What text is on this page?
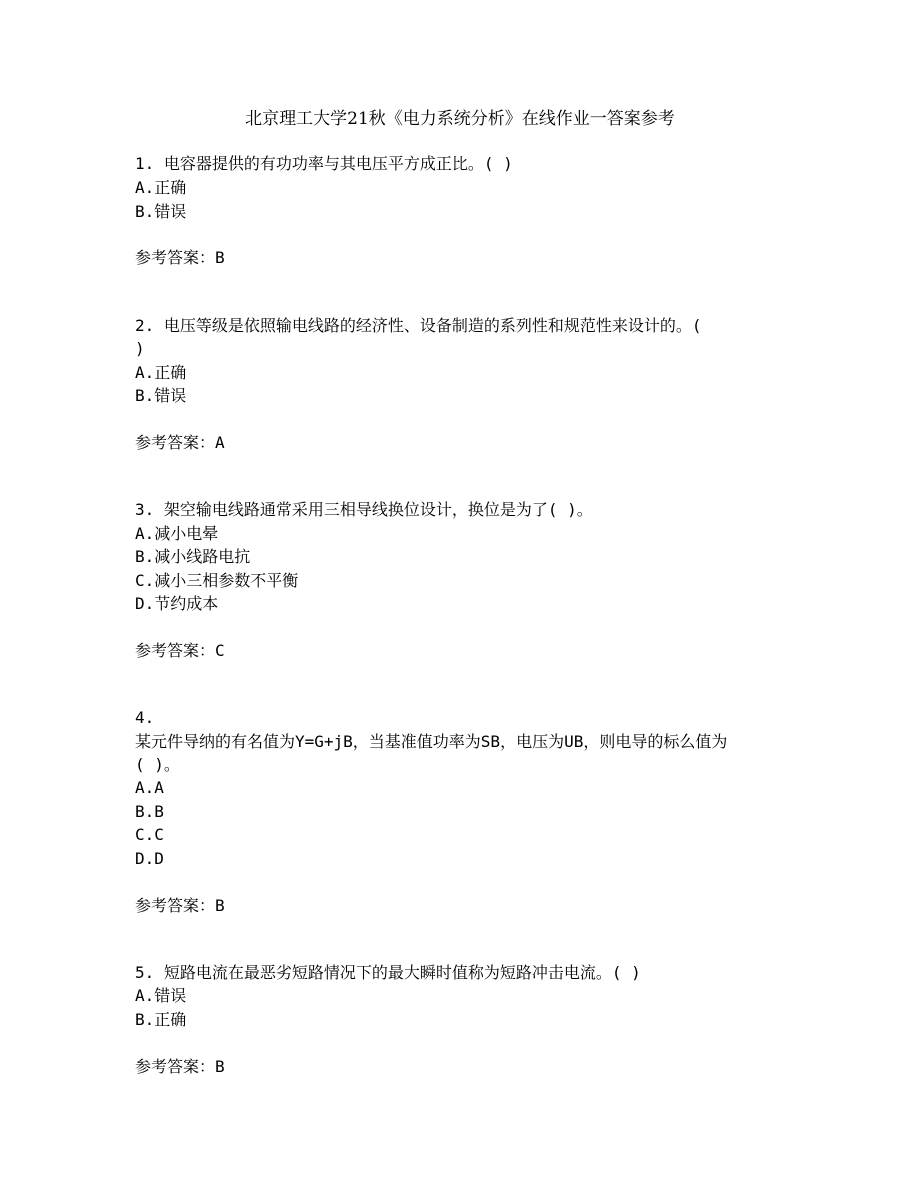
北京理工大学21秋《电力系统分析》在线作业一答案参考
1. 电容器提供的有功功率与其电压平方成正比。( )
A.正确
B.错误
参考答案：B
2. 电压等级是依照输电线路的经济性、设备制造的系列性和规范性来设计的。(
)
A.正确
B.错误
参考答案：A
3. 架空输电线路通常采用三相导线换位设计，换位是为了( )。
A.减小电晕
B.减小线路电抗
C.减小三相参数不平衡
D.节约成本
参考答案：C
4.
某元件导纳的有名值为Y=G+jB，当基准值功率为SB，电压为UB，则电导的标么值为
( )。
A.A
B.B
C.C
D.D
参考答案：B
5. 短路电流在最恶劣短路情况下的最大瞬时值称为短路冲击电流。( )
A.错误
B.正确
参考答案：B
